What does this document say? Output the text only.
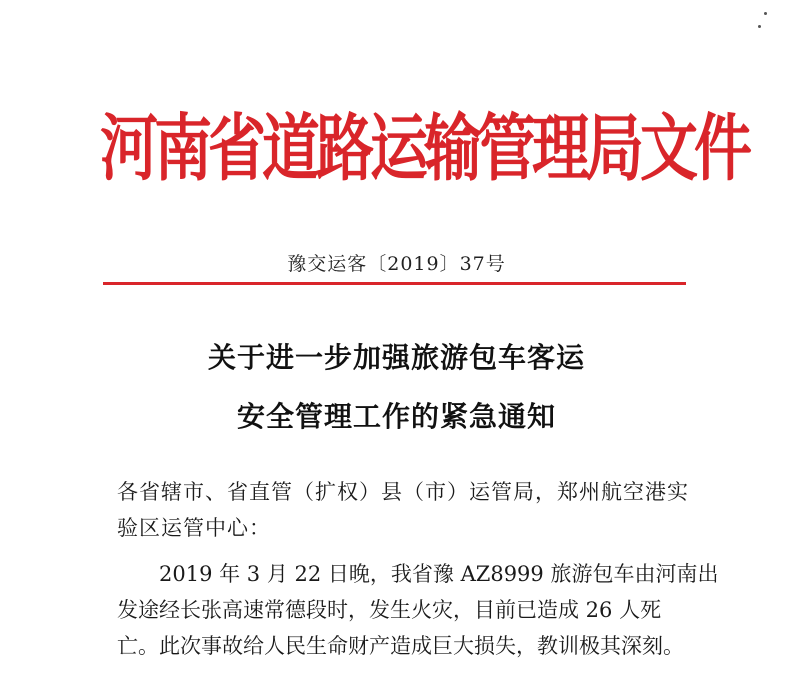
河南省道路运输管理局文件
豫交运客〔2019〕37号
关于进一步加强旅游包车客运
安全管理工作的紧急通知
各省辖市、省直管（扩权）县（市）运管局，郑州航空港实
验区运管中心：
2019 年 3 月 22 日晚，我省豫 AZ8999 旅游包车由河南出
发途经长张高速常德段时，发生火灾，目前已造成 26 人死
亡。此次事故给人民生命财产造成巨大损失，教训极其深刻。
